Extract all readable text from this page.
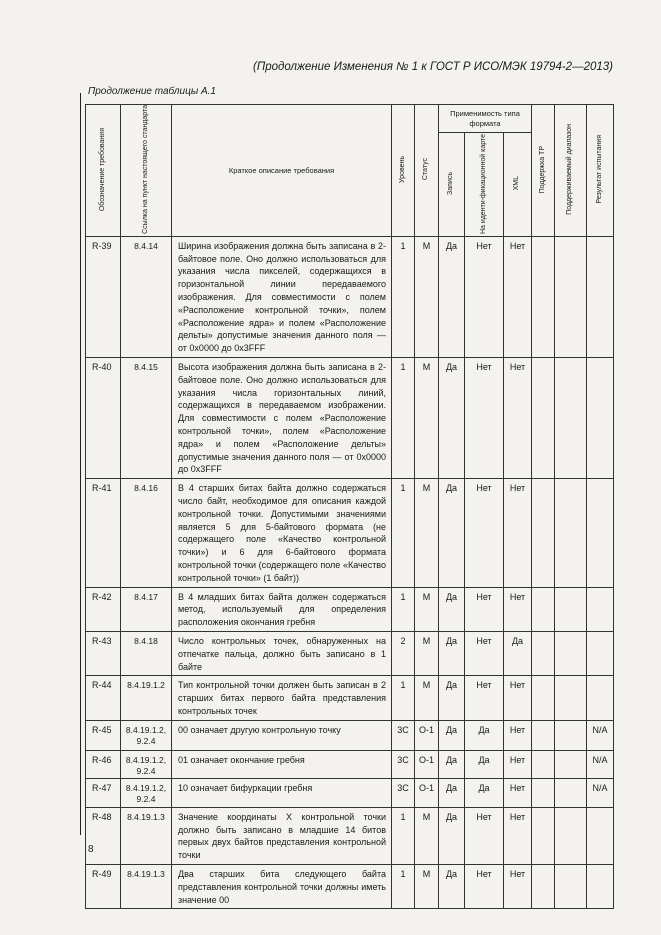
(Продолжение Изменения № 1 к ГОСТ Р ИСО/МЭК 19794-2—2013)
Продолжение таблицы А.1
Обозначение требования	Ссылка на пункт настоящего стандарта	Краткое описание требования	Уровень	Статус	Применимость типа формата			Поддержка ТР	Поддерживаемый диапазон	Результат испытания
					Запись	На иденти-фикационной карте	XML			
R-39	8.4.14	Ширина изображения должна быть записана в 2-байтовое поле. Оно должно использоваться для указания числа пикселей, содержащихся в горизонтальной линии передаваемого изображения. Для совместимости с полем «Расположение контрольной точки», полем «Расположение ядра» и полем «Расположение дельты» допустимые значения данного поля — от 0x0000 до 0x3FFF	1	М	Да	Нет	Нет			
R-40	8.4.15	Высота изображения должна быть записана в 2-байтовое поле. Оно должно использоваться для указания числа горизонтальных линий, содержащихся в передаваемом изображении. Для совместимости с полем «Расположение контрольной точки», полем «Расположение ядра» и полем «Расположение дельты» допустимые значения данного поля — от 0x0000 до 0x3FFF	1	М	Да	Нет	Нет			
R-41	8.4.16	В 4 старших битах байта должно содержаться число байт, необходимое для описания каждой контрольной точки. Допустимыми значениями является 5 для 5-байтового формата (не содержащего поле «Качество контрольной точки») и 6 для 6-байтового формата контрольной точки (содержащего поле «Качество контрольной точки» (1 байт))	1	М	Да	Нет	Нет			
R-42	8.4.17	В 4 младших битах байта должен содержаться метод, используемый для определения расположения окончания гребня	1	М	Да	Нет	Нет			
R-43	8.4.18	Число контрольных точек, обнаруженных на отпечатке пальца, должно быть записано в 1 байте	2	М	Да	Нет	Да			
R-44	8.4.19.1.2	Тип контрольной точки должен быть записан в 2 старших битах первого байта представления контрольных точек	1	М	Да	Нет	Нет			
R-45	8.4.19.1.2, 9.2.4	00 означает другую контрольную точку	3С	О-1	Да	Да	Нет			N/A
R-46	8.4.19.1.2, 9.2.4	01 означает окончание гребня	3С	О-1	Да	Да	Нет			N/A
R-47	8.4.19.1.2, 9.2.4	10 означает бифуркации гребня	3С	О-1	Да	Да	Нет			N/A
R-48	8.4.19.1.3	Значение координаты X контрольной точки должно быть записано в младшие 14 битов первых двух байтов представления контрольной точки	1	М	Да	Нет	Нет			
R-49	8.4.19.1.3	Два старших бита следующего байта представления контрольной точки должны иметь значение 00	1	М	Да	Нет	Нет			
8
